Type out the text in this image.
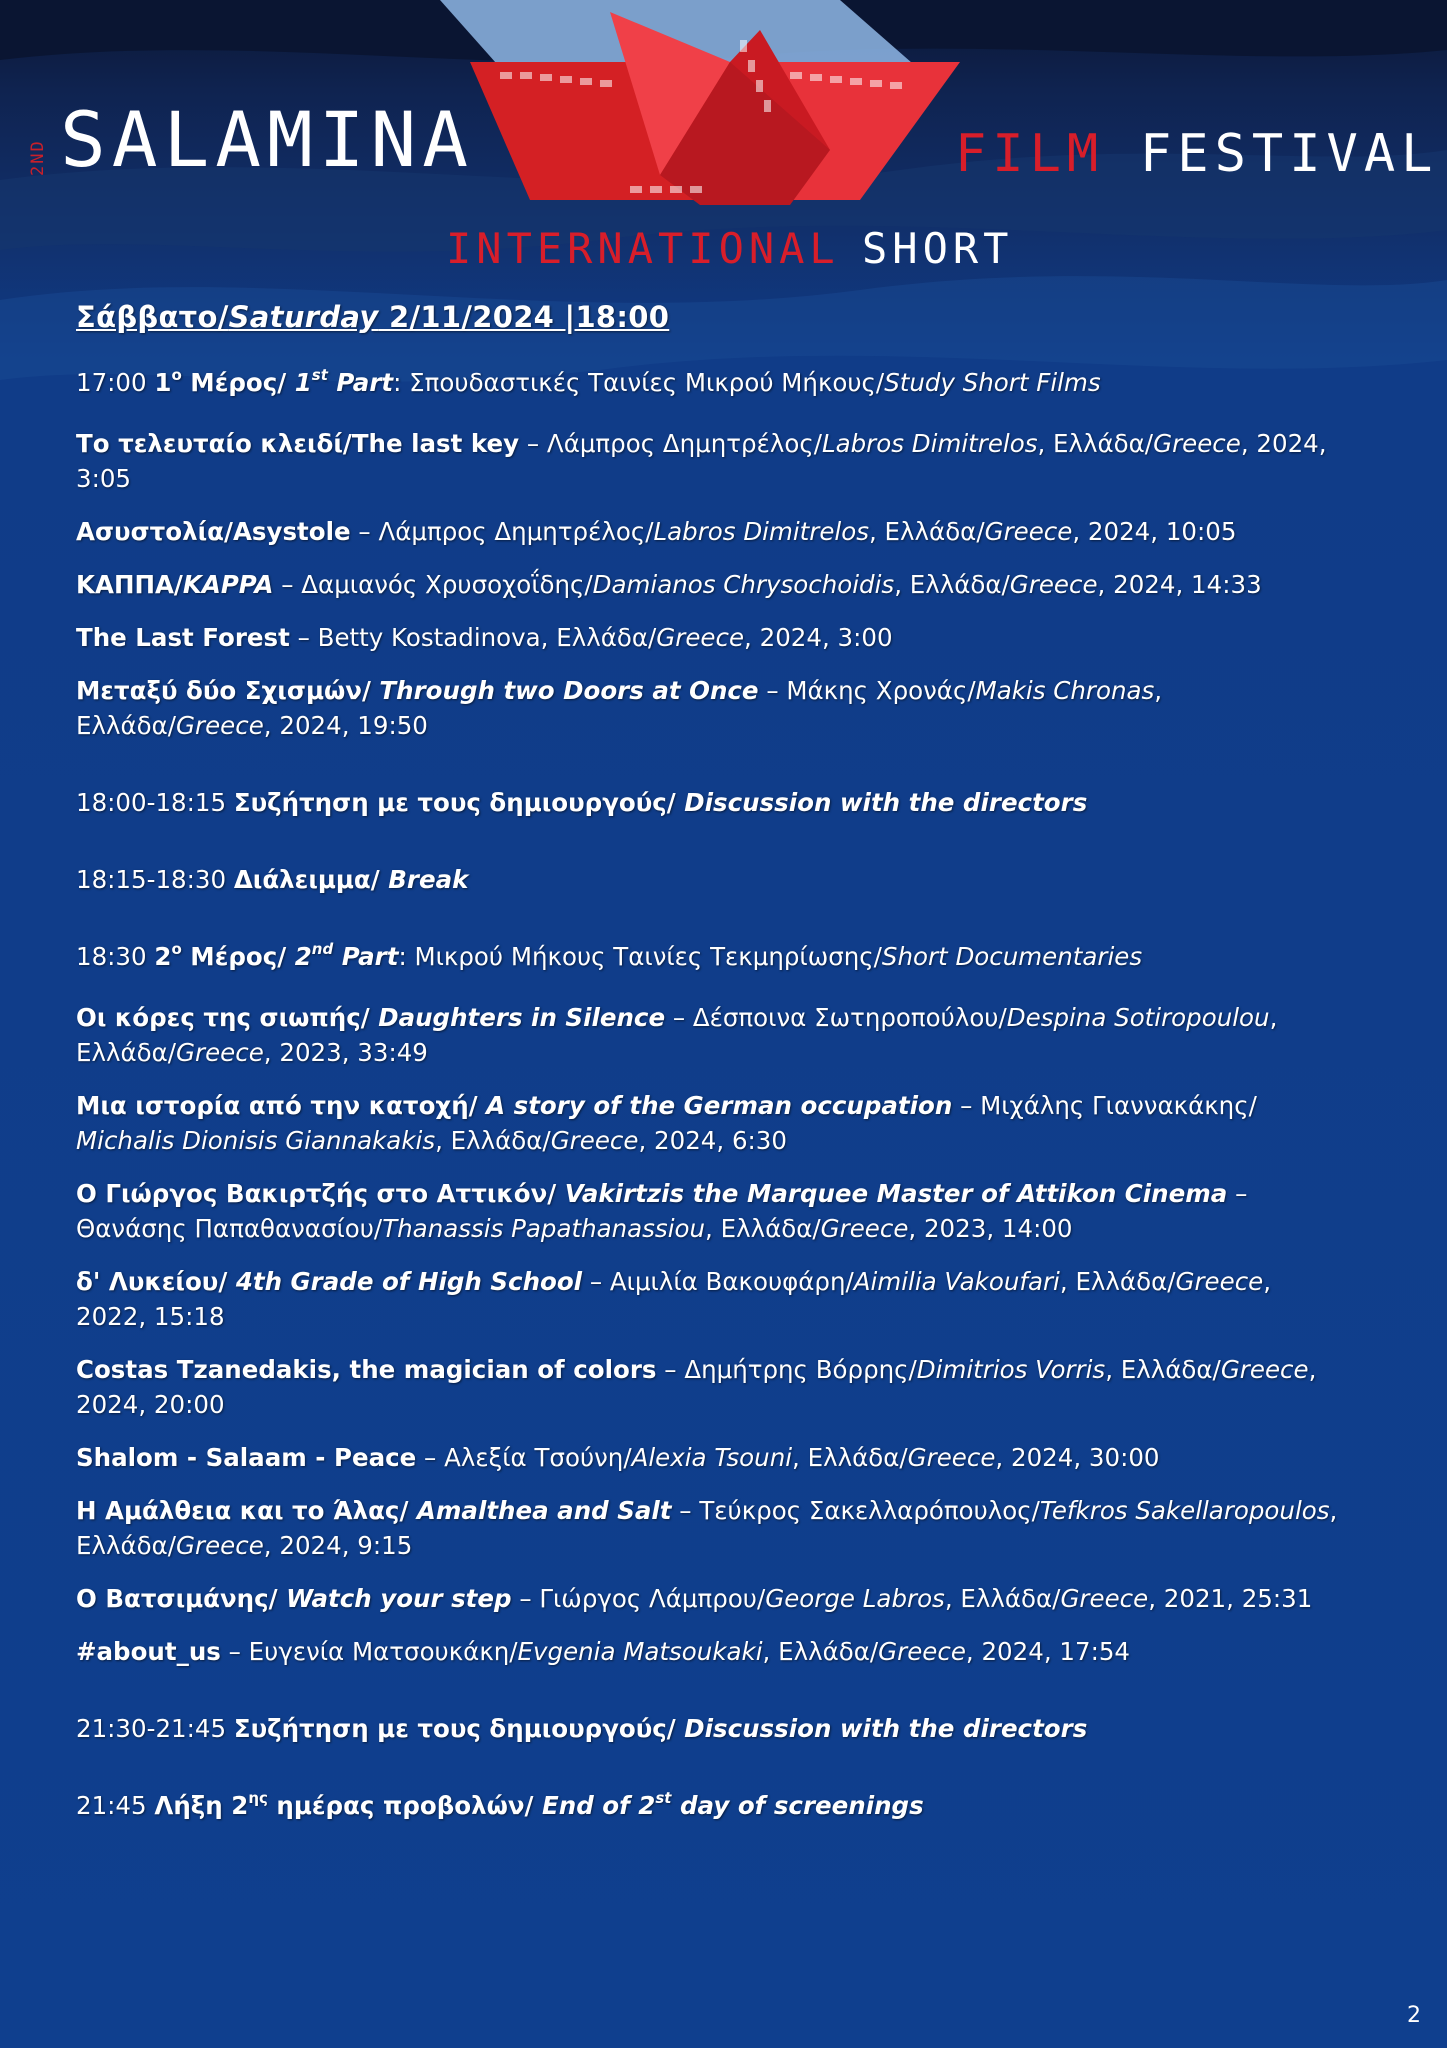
2ND SALAMINA	FILM FESTIVAL
INTERNATIONAL SHORT

Σάββατο/Saturday 2/11/2024 |18:00

17:00 $1^o$ Μέρος/ 1st Part: Σπουδαστικές Ταινίες Μικρού Μήκους/Study Short Films

Το τελευταίο κλειδί/The last key – Λάμπρος Δημητρέλος/Labros Dimitrelos, Ελλάδα/Greece, 2024, 3:05

Ασυστολία/Asystole – Λάμπρος Δημητρέλος/Labros Dimitrelos, Ελλάδα/Greece, 2024, 10:05

ΚΑΠΠΑ/KAPPA – Δαμιανός Χρυσοχοΐδης/Damianos Chrysochoidis, Ελλάδα/Greece, 2024, 14:33

The Last Forest – Betty Kostadinova, Ελλάδα/Greece, 2024, 3:00

Μεταξύ δύο Σχισμών/ Through two Doors at Once – Μάκης Χρονάς/Makis Chronas, Ελλάδα/Greece, 2024, 19:50

18:00-18:15 Συζήτηση με τους δημιουργούς/ Discussion with the directors

18:15-18:30 Διάλειμμα/ Break

18:30 $2^o$ Μέρος/ 2nd Part: Μικρού Μήκους Ταινίες Τεκμηρίωσης/Short Documentaries

Οι κόρες της σιωπής/ Daughters in Silence – Δέσποινα Σωτηροπούλου/Despina Sotiropoulou, Ελλάδα/Greece, 2023, 33:49

Μια ιστορία από την κατοχή/ A story of the German occupation – Μιχάλης Γιαννακάκης/ Michalis Dionisis Giannakakis, Ελλάδα/Greece, 2024, 6:30

Ο Γιώργος Βακιρτζής στο Αττικόν/ Vakirtzis the Marquee Master of Attikon Cinema – Θανάσης Παπαθανασίου/Thanassis Papathanassiou, Ελλάδα/Greece, 2023, 14:00

δ' Λυκείου/ 4th Grade of High School – Αιμιλία Βακουφάρη/Aimilia Vakoufari, Ελλάδα/Greece, 2022, 15:18

Costas Tzanedakis, the magician of colors – Δημήτρης Βόρρης/Dimitrios Vorris, Ελλάδα/Greece, 2024, 20:00

Shalom - Salaam - Peace – Αλεξία Τσούνη/Alexia Tsouni, Ελλάδα/Greece, 2024, 30:00

Η Αμάλθεια και το Άλας/ Amalthea and Salt – Τεύκρος Σακελλαρόπουλος/Tefkros Sakellaropoulos, Ελλάδα/Greece, 2024, 9:15

Ο Βατσιμάνης/ Watch your step – Γιώργος Λάμπρου/George Labros, Ελλάδα/Greece, 2021, 25:31

#about_us – Ευγενία Ματσουκάκη/Evgenia Matsoukaki, Ελλάδα/Greece, 2024, 17:54

21:30-21:45 Συζήτηση με τους δημιουργούς/ Discussion with the directors

21:45 Λήξη $2^{\eta\varsigma}$ ημέρας προβολών/ End of 2st day of screenings

2
